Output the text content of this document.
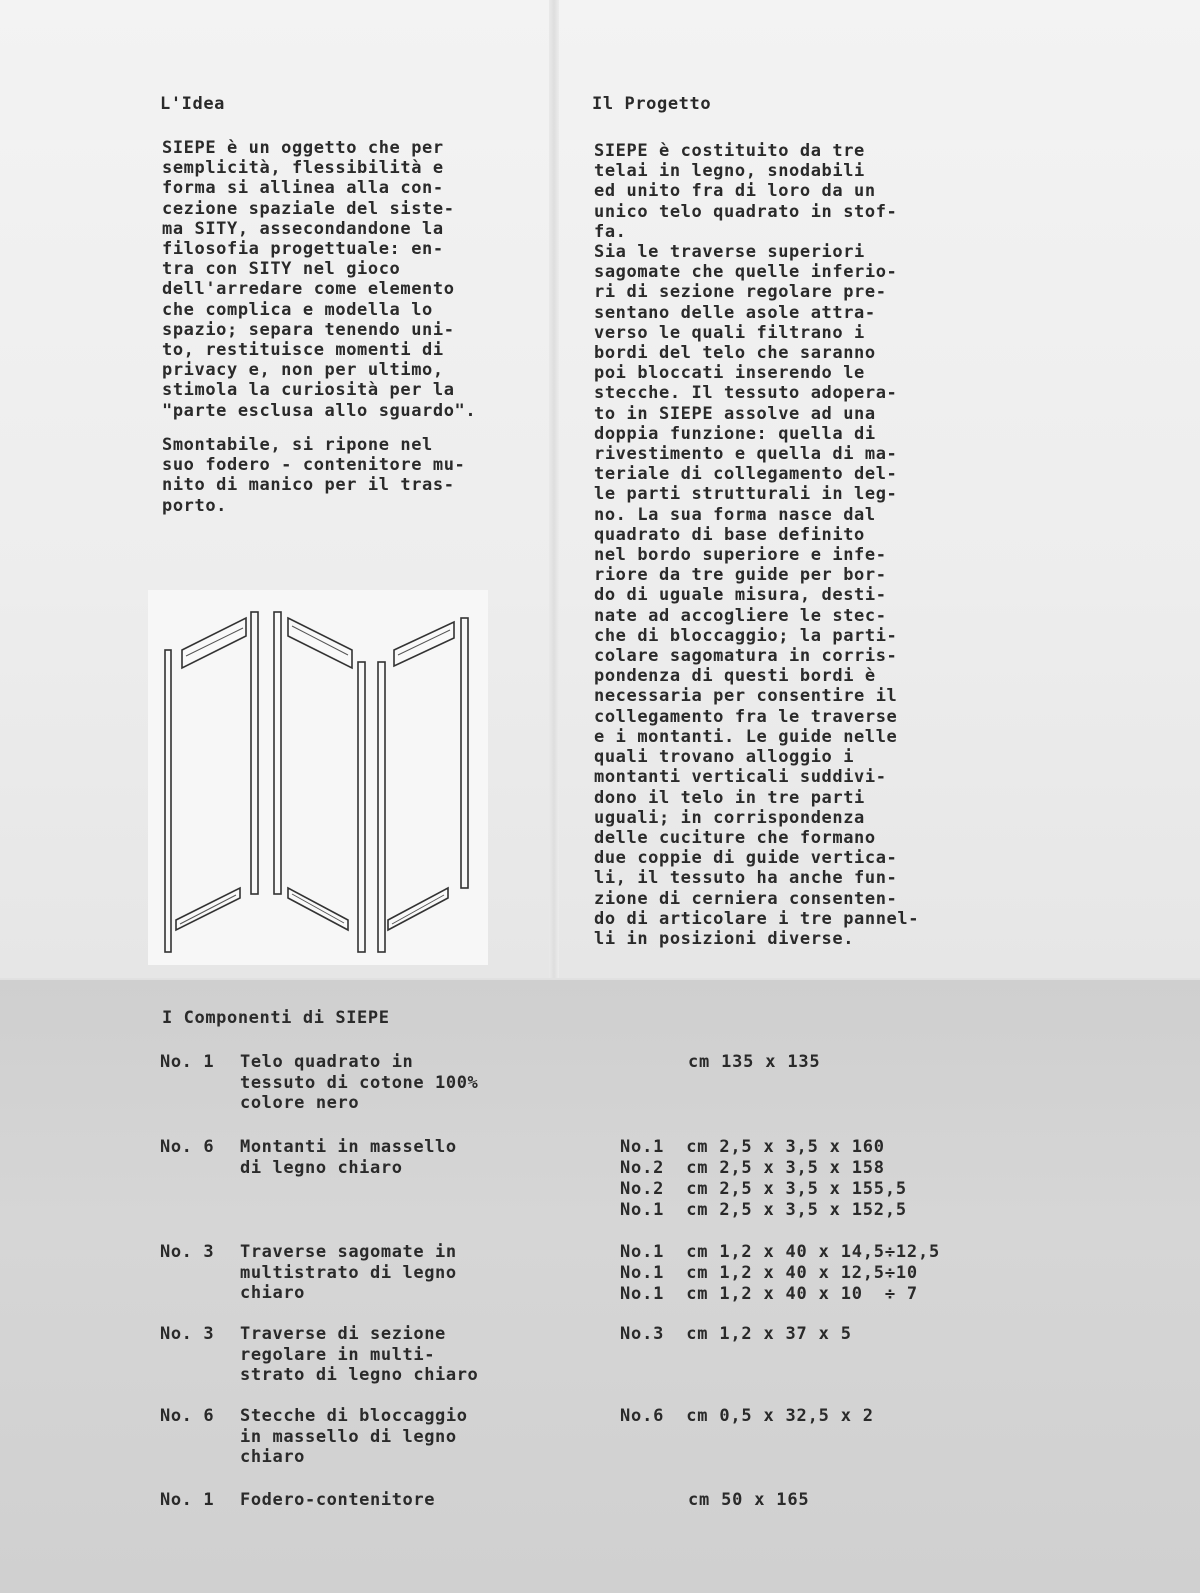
L'Idea

SIEPE è un oggetto che per
semplicità, flessibilità e
forma si allinea alla con-
cezione spaziale del siste-
ma SITY, assecondandone la
filosofia progettuale: en-
tra con SITY nel gioco
dell'arredare come elemento
che complica e modella lo
spazio; separa tenendo uni-
to, restituisce momenti di
privacy e, non per ultimo,
stimola la curiosità per la
"parte esclusa allo sguardo".

Smontabile, si ripone nel
suo fodero - contenitore mu-
nito di manico per il tras-
porto.

Il Progetto

SIEPE è costituito da tre
telai in legno, snodabili
ed unito fra di loro da un
unico telo quadrato in stof-
fa.
Sia le traverse superiori
sagomate che quelle inferio-
ri di sezione regolare pre-
sentano delle asole attra-
verso le quali filtrano i
bordi del telo che saranno
poi bloccati inserendo le
stecche. Il tessuto adopera-
to in SIEPE assolve ad una
doppia funzione: quella di
rivestimento e quella di ma-
teriale di collegamento del-
le parti strutturali in leg-
no. La sua forma nasce dal
quadrato di base definito
nel bordo superiore e infe-
riore da tre guide per bor-
do di uguale misura, desti-
nate ad accogliere le stec-
che di bloccaggio; la parti-
colare sagomatura in corris-
pondenza di questi bordi è
necessaria per consentire il
collegamento fra le traverse
e i montanti. Le guide nelle
quali trovano alloggio i
montanti verticali suddivi-
dono il telo in tre parti
uguali; in corrispondenza
delle cuciture che formano
due coppie di guide vertica-
li, il tessuto ha anche fun-
zione di cerniera consenten-
do di articolare i tre pannel-
li in posizioni diverse.

I Componenti di SIEPE
No. 1 Telo quadrato in
tessuto di cotone 100%
colore nero

cm 135 x 135

No. 6 Montanti in massello
di legno chiaro

No.1  cm 2,5 x 3,5 x 160
No.2  cm 2,5 x 3,5 x 158
No.2  cm 2,5 x 3,5 x 155,5
No.1  cm 2,5 x 3,5 x 152,5

No. 3 Traverse sagomate in
multistrato di legno
chiaro

No.1  cm 1,2 x 40 x 14,5÷12,5
No.1  cm 1,2 x 40 x 12,5÷10
No.1  cm 1,2 x 40 x 10  ÷ 7

No. 3 Traverse di sezione
regolare in multi-
strato di legno chiaro

No.3  cm 1,2 x 37 x 5

No. 6 Stecche di bloccaggio
in massello di legno
chiaro

No.6  cm 0,5 x 32,5 x 2

No. 1 Fodero-contenitore	cm 50 x 165
